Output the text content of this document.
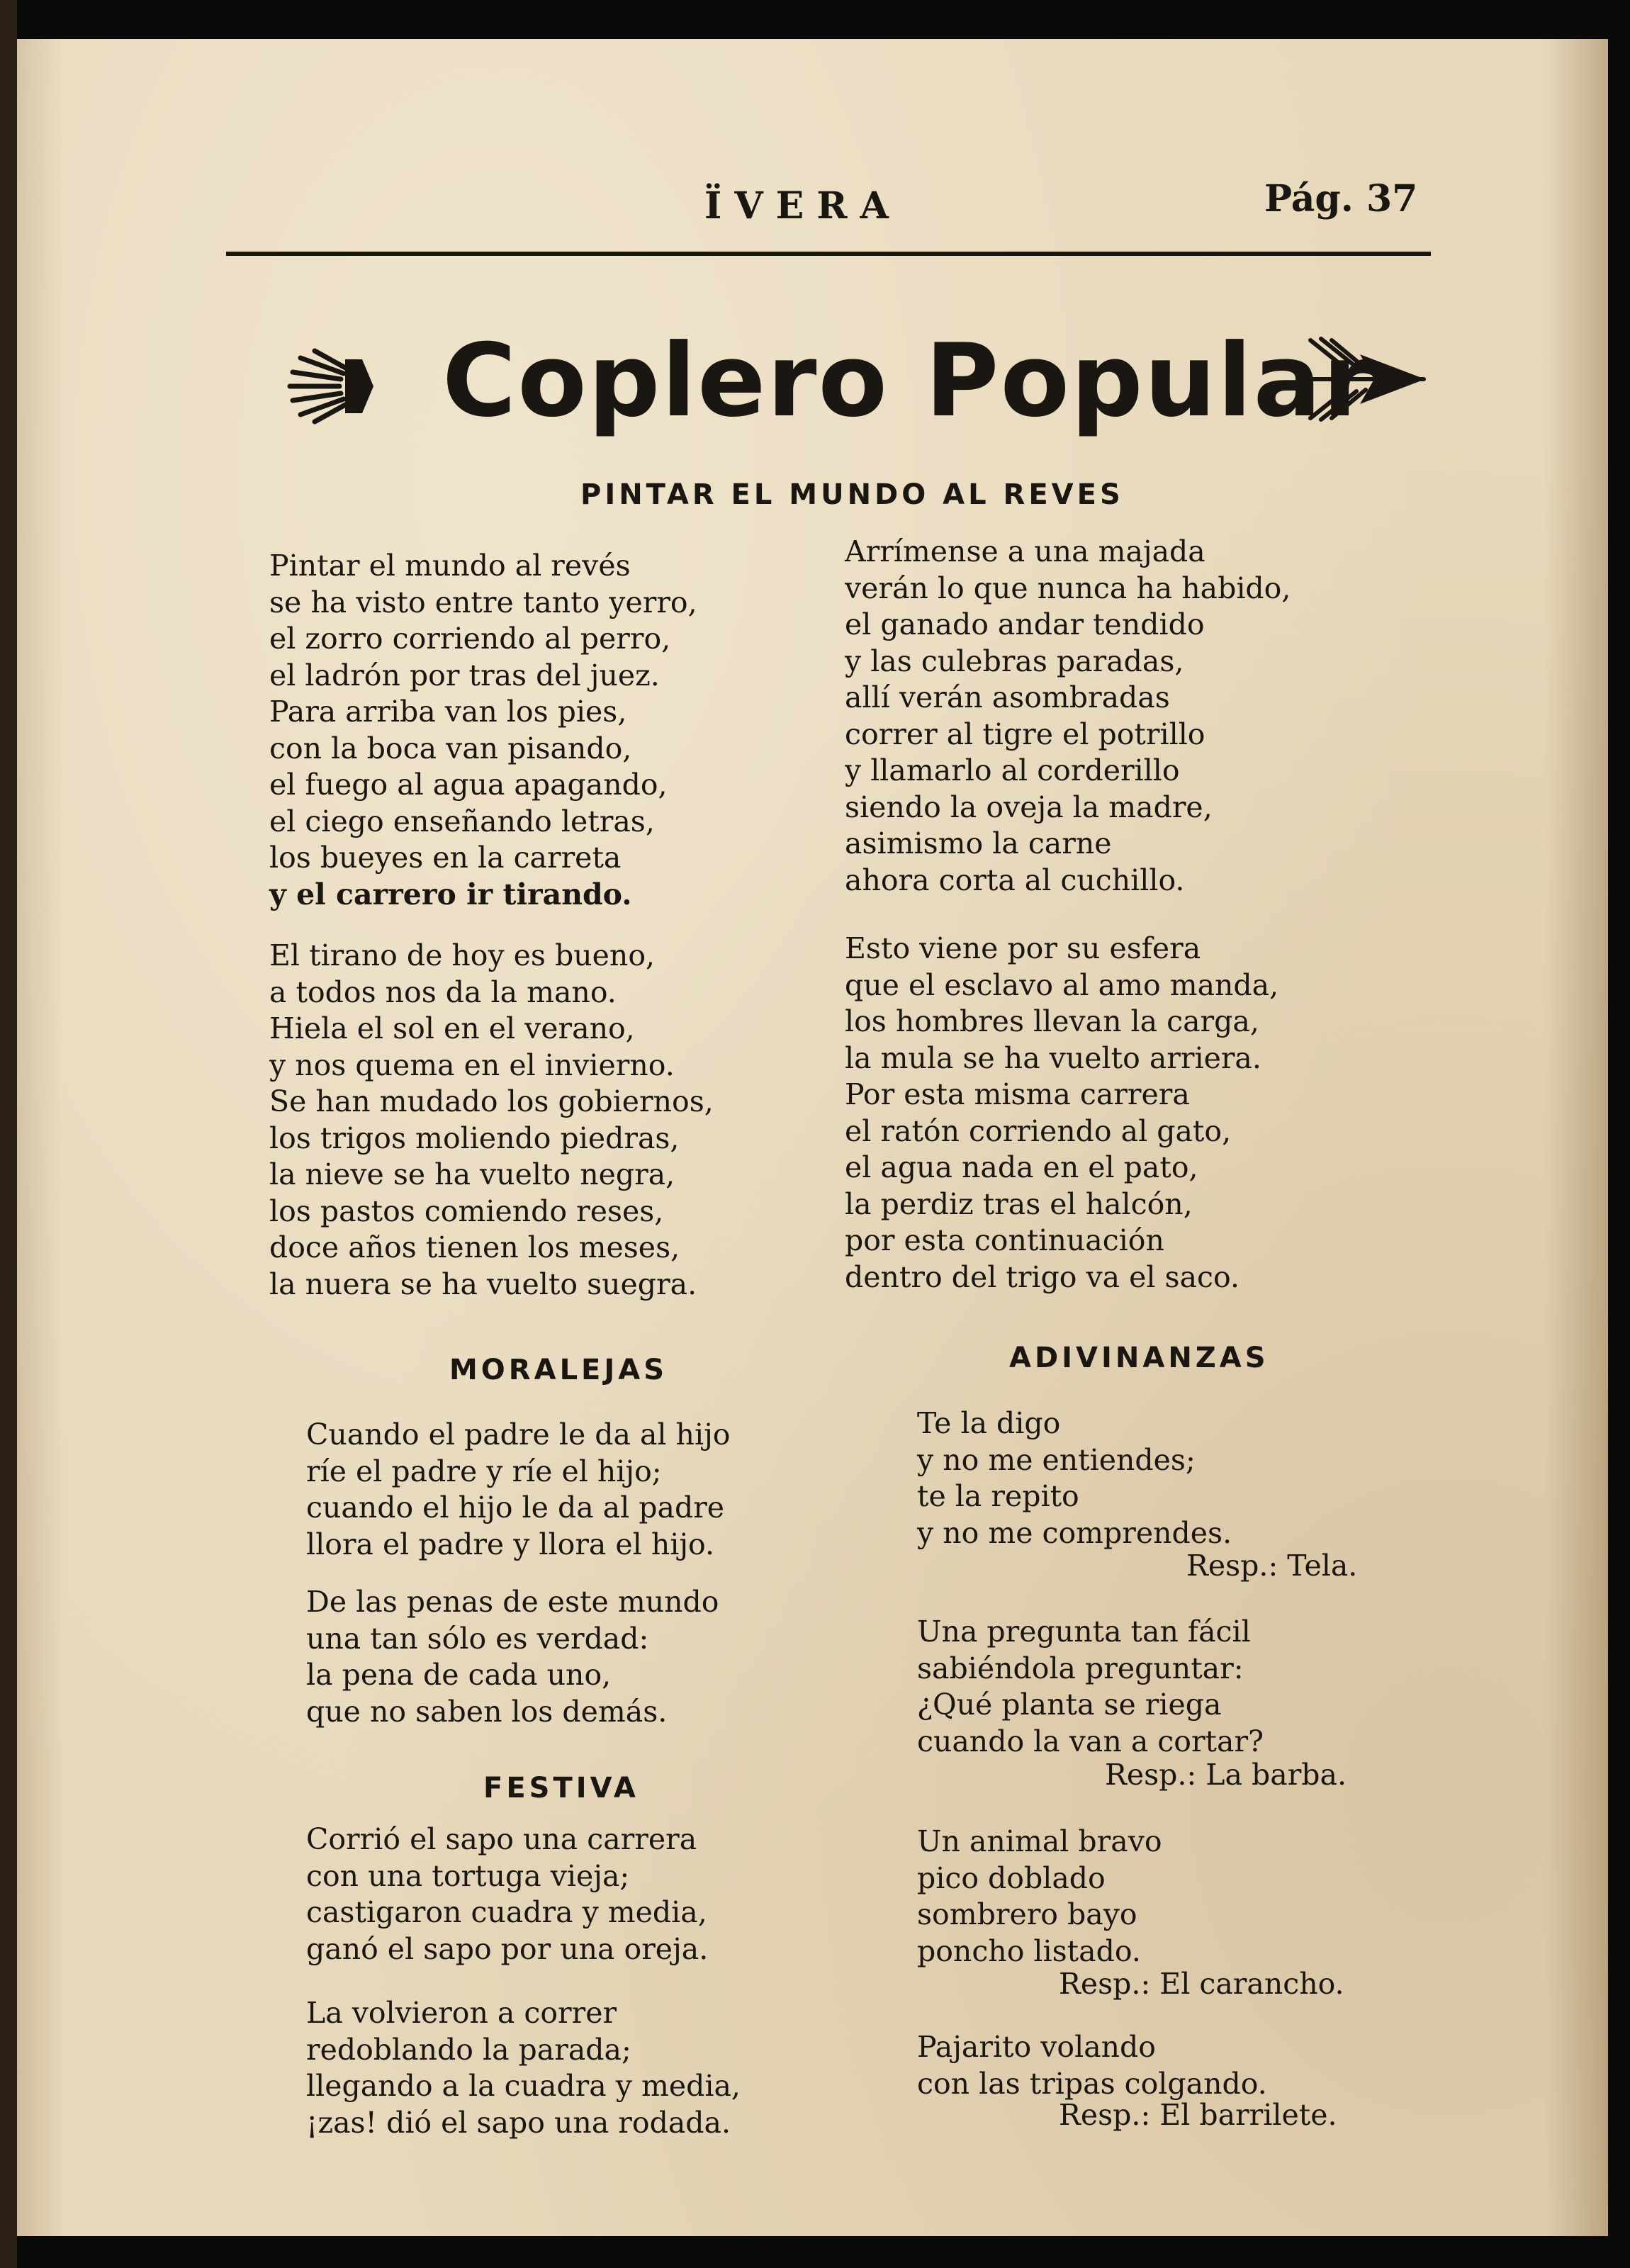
ÏVERA	Pág. 37
Coplero Popular
PINTAR EL MUNDO AL REVES
Pintar el mundo al revés
se ha visto entre tanto yerro,
el zorro corriendo al perro,
el ladrón por tras del juez.
Para arriba van los pies,
con la boca van pisando,
el fuego al agua apagando,
el ciego enseñando letras,
los bueyes en la carreta
y el carrero ir tirando.
El tirano de hoy es bueno,
a todos nos da la mano.
Hiela el sol en el verano,
y nos quema en el invierno.
Se han mudado los gobiernos,
los trigos moliendo piedras,
la nieve se ha vuelto negra,
los pastos comiendo reses,
doce años tienen los meses,
la nuera se ha vuelto suegra.
Arrímense a una majada
verán lo que nunca ha habido,
el ganado andar tendido
y las culebras paradas,
allí verán asombradas
correr al tigre el potrillo
y llamarlo al corderillo
siendo la oveja la madre,
asimismo la carne
ahora corta al cuchillo.
Esto viene por su esfera
que el esclavo al amo manda,
los hombres llevan la carga,
la mula se ha vuelto arriera.
Por esta misma carrera
el ratón corriendo al gato,
el agua nada en el pato,
la perdiz tras el halcón,
por esta continuación
dentro del trigo va el saco.
MORALEJAS
Cuando el padre le da al hijo
ríe el padre y ríe el hijo;
cuando el hijo le da al padre
llora el padre y llora el hijo.
De las penas de este mundo
una tan sólo es verdad:
la pena de cada uno,
que no saben los demás.
FESTIVA
Corrió el sapo una carrera
con una tortuga vieja;
castigaron cuadra y media,
ganó el sapo por una oreja.
La volvieron a correr
redoblando la parada;
llegando a la cuadra y media,
¡zas! dió el sapo una rodada.
ADIVINANZAS
Te la digo
y no me entiendes;
te la repito
y no me comprendes.
Resp.: Tela.
Una pregunta tan fácil
sabiéndola preguntar:
¿Qué planta se riega
cuando la van a cortar?
Resp.: La barba.
Un animal bravo
pico doblado
sombrero bayo
poncho listado.
Resp.: El carancho.
Pajarito volando
con las tripas colgando.
Resp.: El barrilete.
